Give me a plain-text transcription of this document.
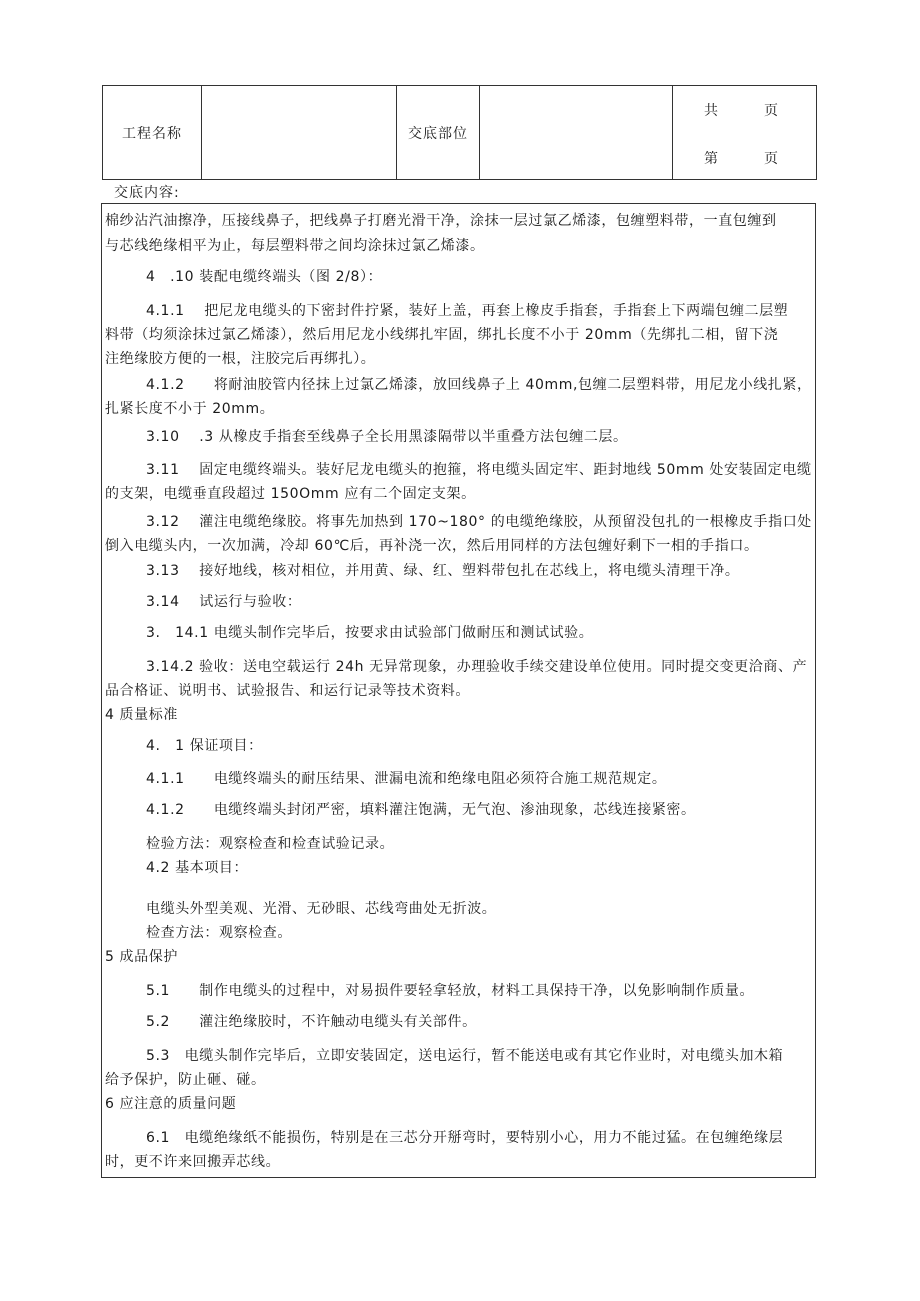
工程名称		交底部位		
共	页
第	页
交底内容:
棉纱沾汽油擦净，压接线鼻子，把线鼻子打磨光滑干净，涂抹一层过氯乙烯漆，包缠塑料带，一直包缠到
与芯线绝缘相平为止，每层塑料带之间均涂抹过氯乙烯漆。
4　.10 装配电缆终端头（图 2/8）：
4.1.1　 把尼龙电缆头的下密封件拧紧，装好上盖，再套上橡皮手指套，手指套上下两端包缠二层塑
料带（均须涂抹过氯乙烯漆），然后用尼龙小线绑扎牢固，绑扎长度不小于 20mm（先绑扎二相，留下浇
注绝缘胶方便的一根，注胶完后再绑扎）。
4.1.2　　将耐油胶管内径抹上过氯乙烯漆，放回线鼻子上 40mm,包缠二层塑料带，用尼龙小线扎紧，
扎紧长度不小于 20mm。
3.10　 .3 从橡皮手指套至线鼻子全长用黑漆隔带以半重叠方法包缠二层。
3.11　 固定电缆终端头。装好尼龙电缆头的抱箍，将电缆头固定牢、距封地线 50mm 处安装固定电缆
的支架，电缆垂直段超过 150Omm 应有二个固定支架。
3.12　 灌注电缆绝缘胶。将事先加热到 170~180° 的电缆绝缘胶，从预留没包扎的一根橡皮手指口处
倒入电缆头内，一次加满，冷却 60℃后，再补浇一次，然后用同样的方法包缠好剩下一相的手指口。
3.13　 接好地线，核对相位，并用黄、绿、红、塑料带包扎在芯线上，将电缆头清理干净。
3.14　 试运行与验收：
3.　14.1 电缆头制作完毕后，按要求由试验部门做耐压和测试试验。
3.14.2 验收：送电空载运行 24h 无异常现象，办理验收手续交建设单位使用。同时提交变更洽商、产
品合格证、说明书、试验报告、和运行记录等技术资料。
4 质量标准
4.　1 保证项目：
4.1.1　　电缆终端头的耐压结果、泄漏电流和绝缘电阻必须符合施工规范规定。
4.1.2　　电缆终端头封闭严密，填料灌注饱满，无气泡、渗油现象，芯线连接紧密。
检验方法：观察检查和检查试验记录。
4.2 基本项目：
电缆头外型美观、光滑、无砂眼、芯线弯曲处无折波。
检查方法：观察检查。
5 成品保护
5.1　　制作电缆头的过程中，对易损件要轻拿轻放，材料工具保持干净，以免影响制作质量。
5.2　　灌注绝缘胶时，不许触动电缆头有关部件。
5.3　电缆头制作完毕后，立即安装固定，送电运行，暂不能送电或有其它作业时，对电缆头加木箱
给予保护，防止砸、碰。
6 应注意的质量问题
6.1　电缆绝缘纸不能损伤，特别是在三芯分开掰弯时，要特别小心，用力不能过猛。在包缠绝缘层
时，更不许来回搬弄芯线。
